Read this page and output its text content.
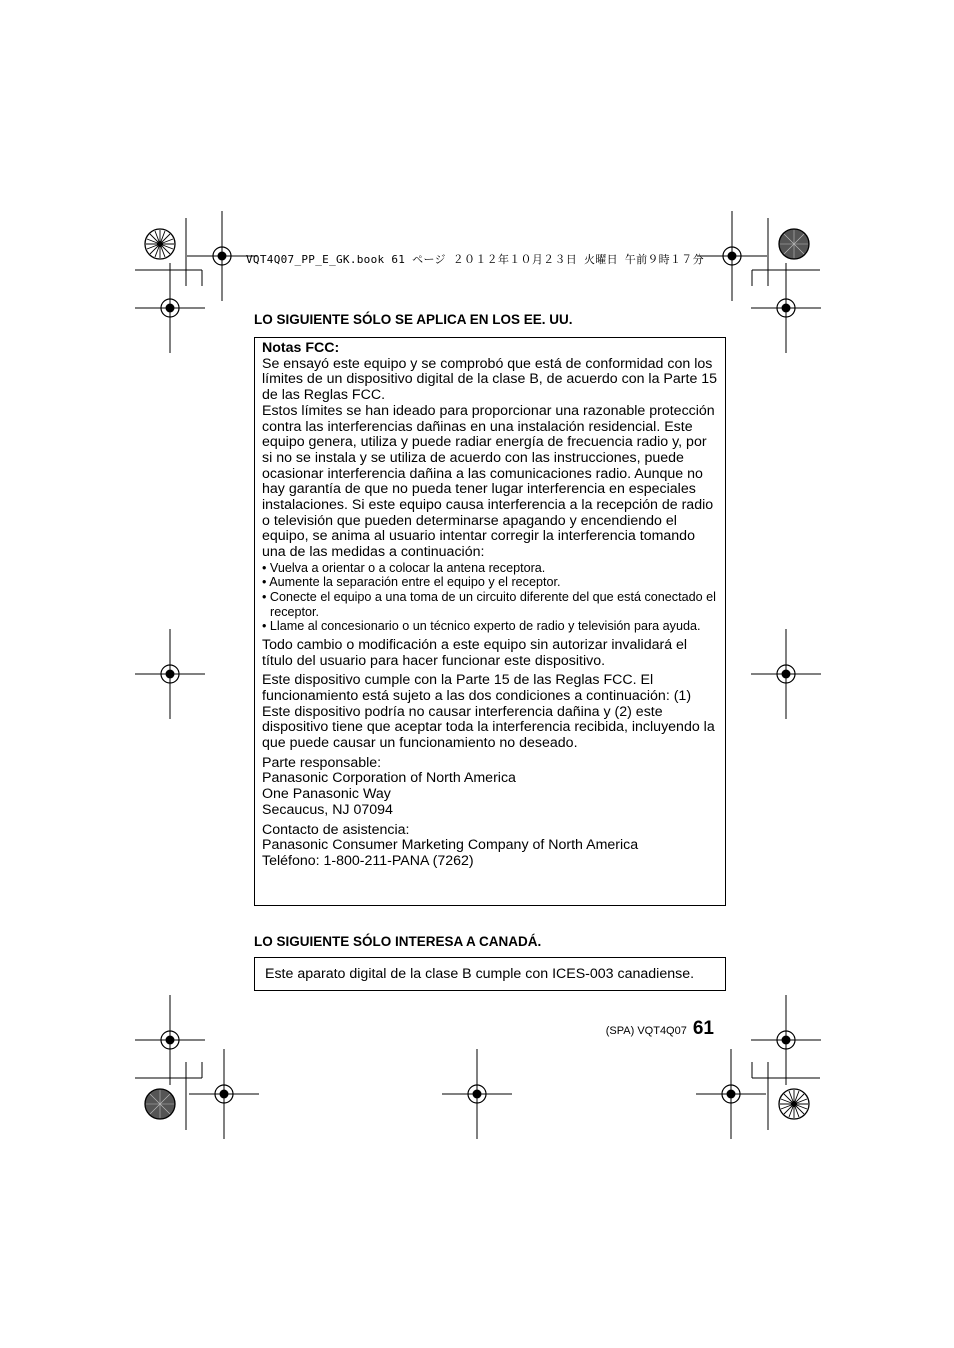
VQT4Q07_PP_E_GK.book 61 ページ ２０１２年１０月２３日 火曜日 午前９時１７分
LO SIGUIENTE SÓLO SE APLICA EN LOS EE. UU.

Notas FCC:

Se ensayó este equipo y se comprobó que está de conformidad con los límites de un dispositivo digital de la clase B, de acuerdo con la Parte 15 de las Reglas FCC.

Estos límites se han ideado para proporcionar una razonable protección contra las interferencias dañinas en una instalación residencial. Este equipo genera, utiliza y puede radiar energía de frecuencia radio y, por si no se instala y se utiliza de acuerdo con las instrucciones, puede ocasionar interferencia dañina a las comunicaciones radio. Aunque no hay garantía de que no pueda tener lugar interferencia en especiales instalaciones. Si este equipo causa interferencia a la recepción de radio o televisión que pueden determinarse apagando y encendiendo el equipo, se anima al usuario intentar corregir la interferencia tomando una de las medidas a continuación:

• Vuelva a orientar o a colocar la antena receptora.
• Aumente la separación entre el equipo y el receptor.
• Conecte el equipo a una toma de un circuito diferente del que está conectado el receptor.
• Llame al concesionario o un técnico experto de radio y televisión para ayuda.

Todo cambio o modificación a este equipo sin autorizar invalidará el título del usuario para hacer funcionar este dispositivo.

Este dispositivo cumple con la Parte 15 de las Reglas FCC. El funcionamiento está sujeto a las dos condiciones a continuación: (1) Este dispositivo podría no causar interferencia dañina y (2) este dispositivo tiene que aceptar toda la interferencia recibida, incluyendo la que puede causar un funcionamiento no deseado.

Parte responsable:

Panasonic Corporation of North America

One Panasonic Way

Secaucus, NJ 07094

Contacto de asistencia:

Panasonic Consumer Marketing Company of North America

Teléfono: 1-800-211-PANA (7262)

LO SIGUIENTE SÓLO INTERESA A CANADÁ.
Este aparato digital de la clase B cumple con ICES-003 canadiense.
(SPA) VQT4Q07 61
